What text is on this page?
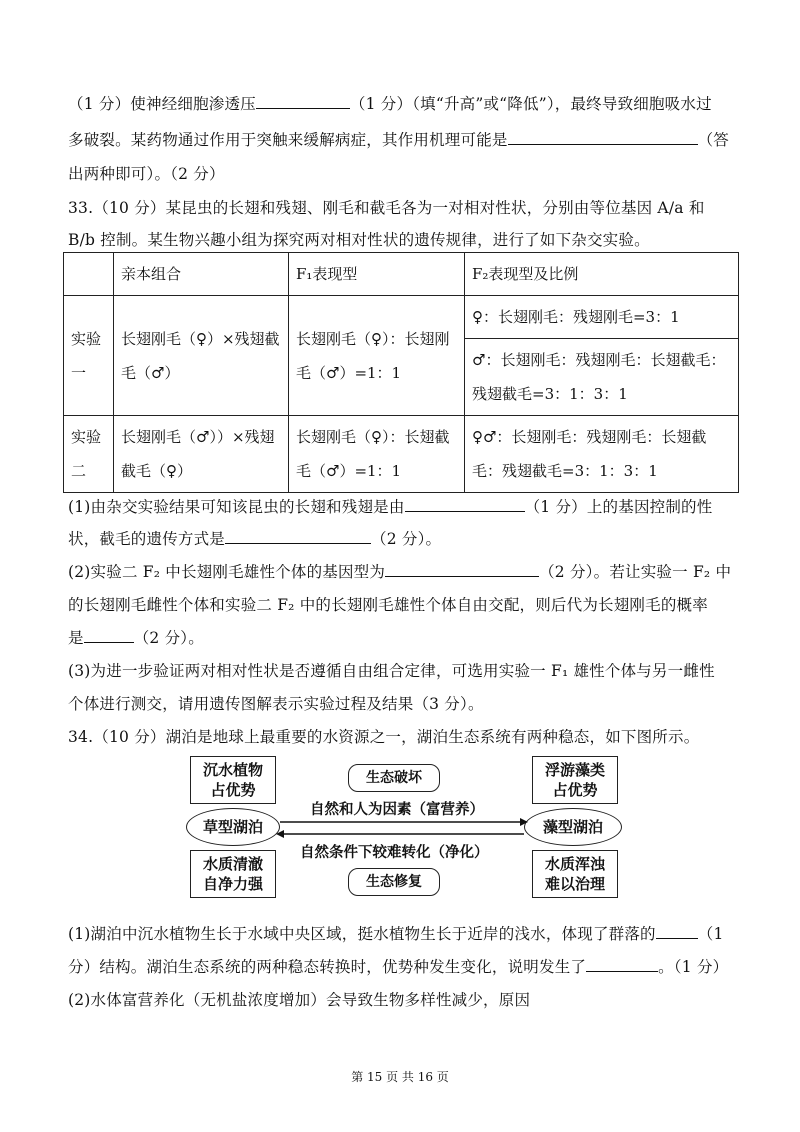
（1 分）使神经细胞渗透压	（1 分）（填“升高”或“降低”），最终导致细胞吸水过
多破裂。某药物通过作用于突触来缓解病症，其作用机理可能是	（答
出两种即可）。（2 分）
33.（10 分）某昆虫的长翅和残翅、刚毛和截毛各为一对相对性状，分别由等位基因 A/a 和
B/b 控制。某生物兴趣小组为探究两对相对性状的遗传规律，进行了如下杂交实验。
	亲本组合	F₁表现型	F₂表现型及比例
实验一	长翅刚毛（♀）×残翅截毛（♂）	长翅刚毛（♀）：长翅刚毛（♂）=1：1	♀：长翅刚毛：残翅刚毛=3：1
			♂：长翅刚毛：残翅刚毛：长翅截毛：残翅截毛=3：1：3：1
实验二	长翅刚毛（♂））×残翅截毛（♀）	长翅刚毛（♀）：长翅截毛（♂）=1：1	♀♂：长翅刚毛：残翅刚毛：长翅截毛：残翅截毛=3：1：3：1
(1)由杂交实验结果可知该昆虫的长翅和残翅是由	（1 分）上的基因控制的性
状，截毛的遗传方式是	（2 分）。
(2)实验二 F₂ 中长翅刚毛雄性个体的基因型为	（2 分）。若让实验一 F₂ 中
的长翅刚毛雌性个体和实验二 F₂ 中的长翅刚毛雄性个体自由交配，则后代为长翅刚毛的概率
是	（2 分）。
(3)为进一步验证两对相对性状是否遵循自由组合定律，可选用实验一 F₁ 雄性个体与另一雌性
个体进行测交，请用遗传图解表示实验过程及结果（3 分）。
34.（10 分）湖泊是地球上最重要的水资源之一，湖泊生态系统有两种稳态，如下图所示。
沉水植物
占优势
浮游藻类
占优势
水质清澈
自净力强
水质浑浊
难以治理
草型湖泊	藻型湖泊
生态破坏
生态修复
自然和人为因素（富营养）
自然条件下较难转化（净化）
(1)湖泊中沉水植物生长于水域中央区域，挺水植物生长于近岸的浅水，体现了群落的	（1
分）结构。湖泊生态系统的两种稳态转换时，优势种发生变化，说明发生了	。（1 分）
(2)水体富营养化（无机盐浓度增加）会导致生物多样性减少，原因
第 15 页 共 16 页
